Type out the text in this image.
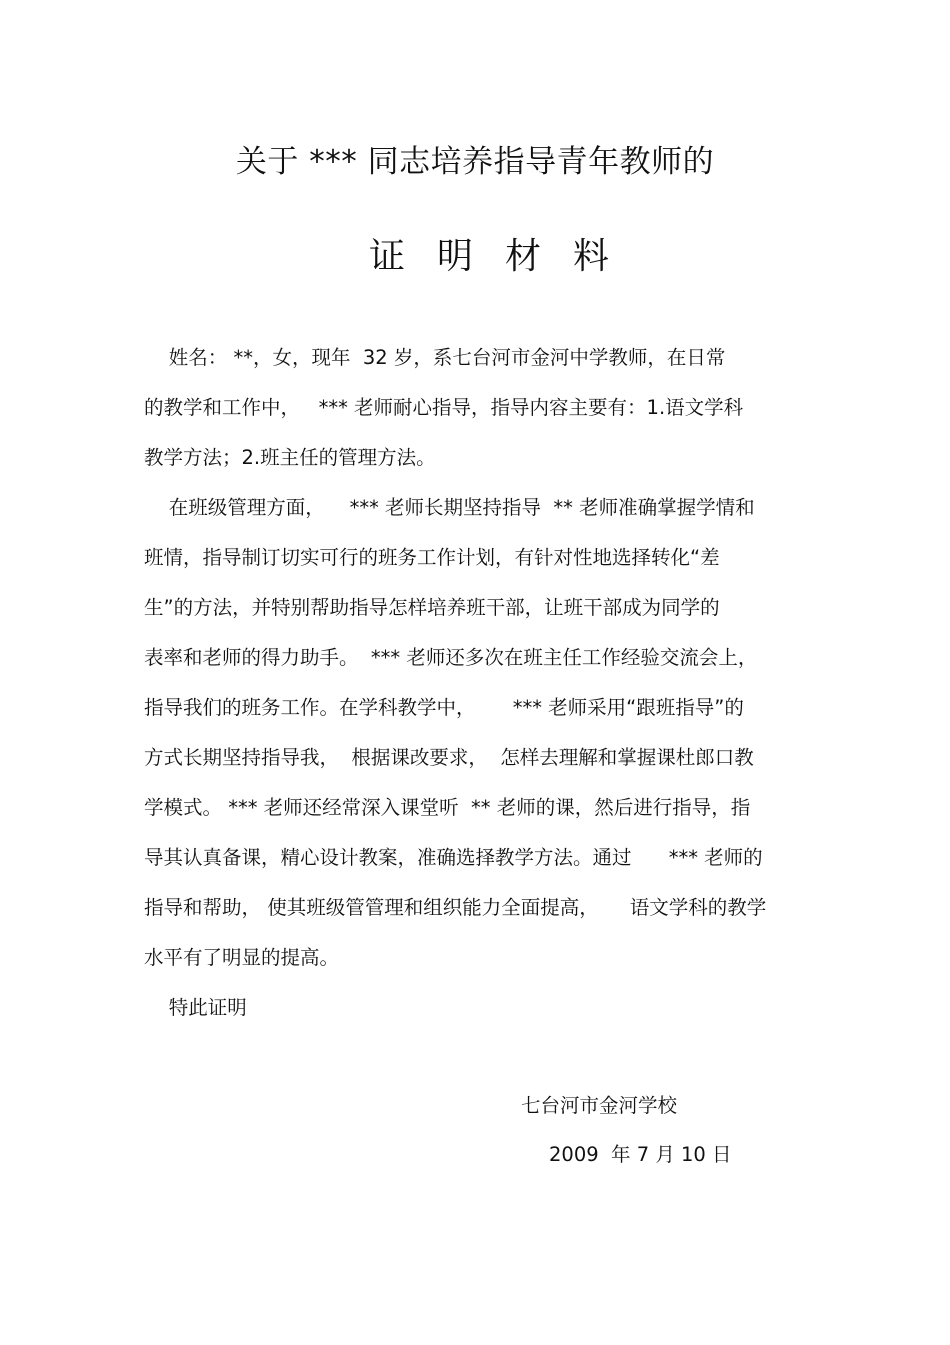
关于 *** 同志培养指导青年教师的
证明材料
姓名： **，女，现年  32 岁，系七台河市金河中学教师，在日常
的教学和工作中，   *** 老师耐心指导，指导内容主要有：1.语文学科
教学方法；2.班主任的管理方法。
在班级管理方面，    *** 老师长期坚持指导  ** 老师准确掌握学情和
班情，指导制订切实可行的班务工作计划，有针对性地选择转化“差
生”的方法，并特别帮助指导怎样培养班干部，让班干部成为同学的
表率和老师的得力助手。  *** 老师还多次在班主任工作经验交流会上，
指导我们的班务工作。在学科教学中，      *** 老师采用“跟班指导”的
方式长期坚持指导我，  根据课改要求，  怎样去理解和掌握课杜郎口教
学模式。 *** 老师还经常深入课堂听  ** 老师的课，然后进行指导，指
导其认真备课，精心设计教案，准确选择教学方法。通过      *** 老师的
指导和帮助， 使其班级管管理和组织能力全面提高，     语文学科的教学
水平有了明显的提高。
特此证明
七台河市金河学校
2009  年 7 月 10 日
